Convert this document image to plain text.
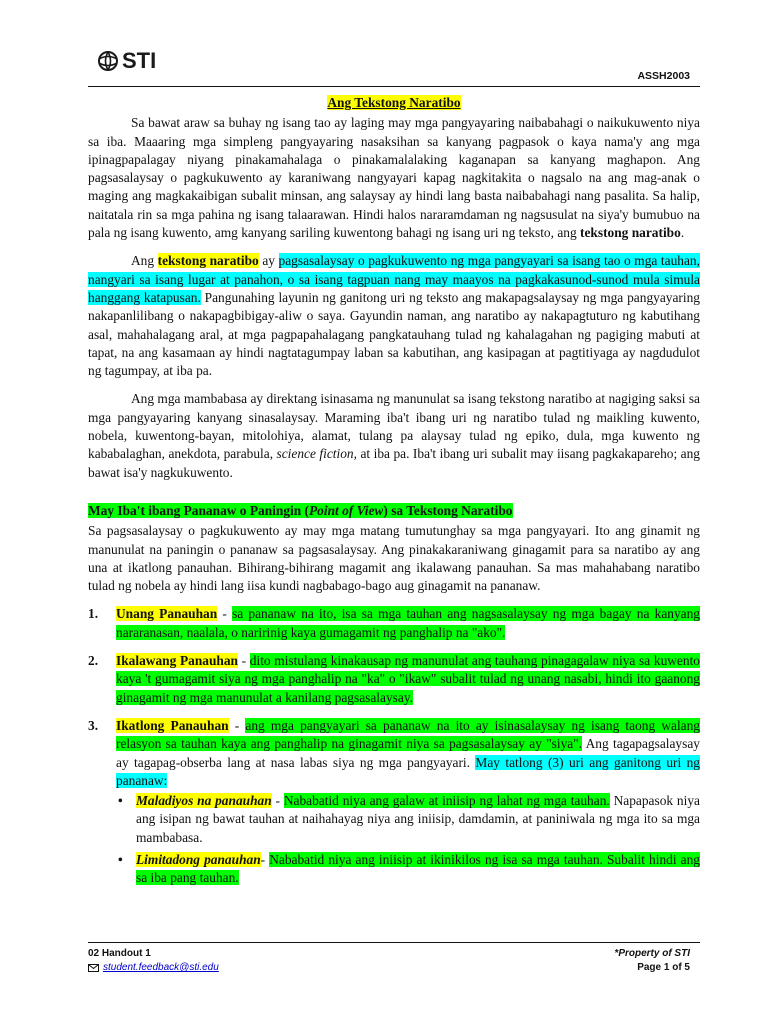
STI
ASSH2003
Ang Tekstong Naratibo

Sa bawat araw sa buhay ng isang tao ay laging may mga pangyayaring naibabahagi o naikukuwento niya sa iba. Maaaring mga simpleng pangyayaring nasaksihan sa kanyang pagpasok o kaya nama'y ang mga ipinagpapalagay niyang pinakamahalaga o pinakamalalaking kaganapan sa kanyang maghapon. Ang pagsasalaysay o pagkukuwento ay karaniwang nangyayari kapag nagkitakita o nagsalo na ang mag-anak o maging ang magkakaibigan subalit minsan, ang salaysay ay hindi lang basta naibabahagi nang pasalita. Sa halip, naitatala rin sa mga pahina ng isang talaarawan. Hindi halos nararamdaman ng nagsusulat na siya'y bumubuo na pala ng isang kuwento, amg kanyang sariling kuwentong bahagi ng isang uri ng teksto, ang tekstong naratibo.

Ang tekstong naratibo ay pagsasalaysay o pagkukuwento ng mga pangyayari sa isang tao o mga tauhan, nangyari sa isang lugar at panahon, o sa isang tagpuan nang may maayos na pagkakasunod-sunod mula simula hanggang katapusan. Pangunahing layunin ng ganitong uri ng teksto ang makapagsalaysay ng mga pangyayaring nakapanlilibang o nakapagbibigay-aliw o saya. Gayundin naman, ang naratibo ay nakapagtuturo ng kabutihang asal, mahahalagang aral, at mga pagpapahalagang pangkatauhang tulad ng kahalagahan ng pagiging mabuti at tapat, na ang kasamaan ay hindi nagtatagumpay laban sa kabutihan, ang kasipagan at pagtitiyaga ay nagdudulot ng tagumpay, at iba pa.

Ang mga mambabasa ay direktang isinasama ng manunulat sa isang tekstong naratibo at nagiging saksi sa mga pangyayaring kanyang sinasalaysay. Maraming iba't ibang uri ng naratibo tulad ng maikling kuwento, nobela, kuwentong-bayan, mitolohiya, alamat, tulang pa alaysay tulad ng epiko, dula, mga kuwento ng kababalaghan, anekdota, parabula, science fiction, at iba pa. Iba't ibang uri subalit may iisang pagkakapareho; ang bawat isa'y nagkukuwento.

May Iba't ibang Pananaw o Paningin (Point of View) sa Tekstong Naratibo

Sa pagsasalaysay o pagkukuwento ay may mga matang tumutunghay sa mga pangyayari. Ito ang ginamit ng manunulat na paningin o pananaw sa pagsasalaysay. Ang pinakakaraniwang ginagamit para sa naratibo ay ang una at ikatlong panauhan. Bihirang-bihirang magamit ang ikalawang panauhan. Sa mas mahahabang naratibo tulad ng nobela ay hindi lang iisa kundi nagbabago-bago aug ginagamit na pananaw.

1. Unang Panauhan - sa pananaw na ito, isa sa mga tauhan ang nagsasalaysay ng mga bagay na kanyang nararanasan, naalala, o naririnig kaya gumagamit ng panghalip na "ako".
2. Ikalawang Panauhan - dito mistulang kinakausap ng manunulat ang tauhang pinagagalaw niya sa kuwento kaya 't gumagamit siya ng mga panghalip na "ka" o "ikaw" subalit tulad ng unang nasabi, hindi ito gaanong ginagamit ng mga manunulat a kanilang pagsasalaysay.
3. Ikatlong Panauhan - ang mga pangyayari sa pananaw na ito ay isinasalaysay ng isang taong walang relasyon sa tauhan kaya ang panghalip na ginagamit niya sa pagsasalaysay ay "siya". Ang tagapagsalaysay ay tagapag-obserba lang at nasa labas siya ng mga pangyayari. May tatlong (3) uri ang ganitong uri ng pananaw:
• Maladiyos na panauhan - Nababatid niya ang galaw at iniisip ng lahat ng mga tauhan. Napapasok niya ang isipan ng bawat tauhan at naihahayag niya ang iniisip, damdamin, at paniniwala ng mga ito sa mga mambabasa.
• Limitadong panauhan- Nababatid niya ang iniisip at ikinikilos ng isa sa mga tauhan. Subalit hindi ang sa iba pang tauhan.
02 Handout 1
student.feedback@sti.edu
*Property of STI
Page 1 of 5
